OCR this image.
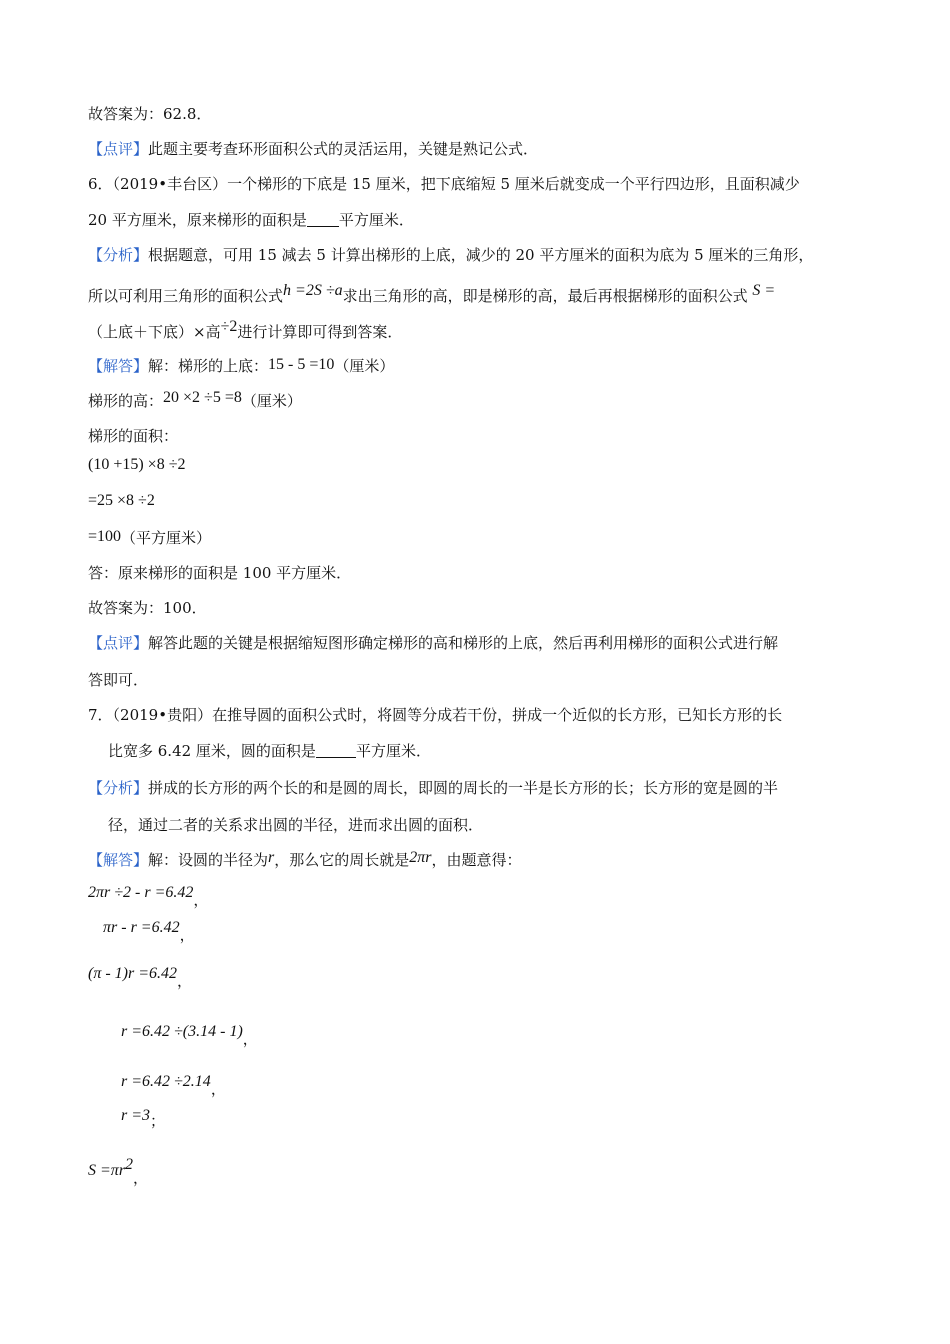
故答案为：62.8．
【点评】此题主要考查环形面积公式的灵活运用，关键是熟记公式．
6．（2019•丰台区）一个梯形的下底是 15 厘米，把下底缩短 5 厘米后就变成一个平行四边形，且面积减少
20 平方厘米，原来梯形的面积是 平方厘米．
【分析】根据题意，可用 15 减去 5 计算出梯形的上底，减少的 20 平方厘米的面积为底为 5 厘米的三角形，
所以可利用三角形的面积公式h =2S ÷a求出三角形的高，即是梯形的高，最后再根据梯形的面积公式 S =
（上底＋下底）×高÷2进行计算即可得到答案．
【解答】解：梯形的上底：15 - 5 =10（厘米）
梯形的高：20 ×2 ÷5 =8（厘米）
梯形的面积：
(10 +15) ×8 ÷2
=25 ×8 ÷2
=100（平方厘米）
答：原来梯形的面积是 100 平方厘米．
故答案为：100．
【点评】解答此题的关键是根据缩短图形确定梯形的高和梯形的上底，然后再利用梯形的面积公式进行解
答即可．
7．（2019•贵阳）在推导圆的面积公式时，将圆等分成若干份，拼成一个近似的长方形，已知长方形的长
比宽多 6.42 厘米，圆的面积是	平方厘米．
【分析】拼成的长方形的两个长的和是圆的周长，即圆的周长的一半是长方形的长；长方形的宽是圆的半
径，通过二者的关系求出圆的半径，进而求出圆的面积．
【解答】解：设圆的半径为r，那么它的周长就是2πr，由题意得：
2πr ÷2 - r =6.42，
πr - r =6.42，
(π - 1)r =6.42，
r =6.42 ÷(3.14 - 1)，
r =6.42 ÷2.14，
r =3；
$S =\pi r^2$，
